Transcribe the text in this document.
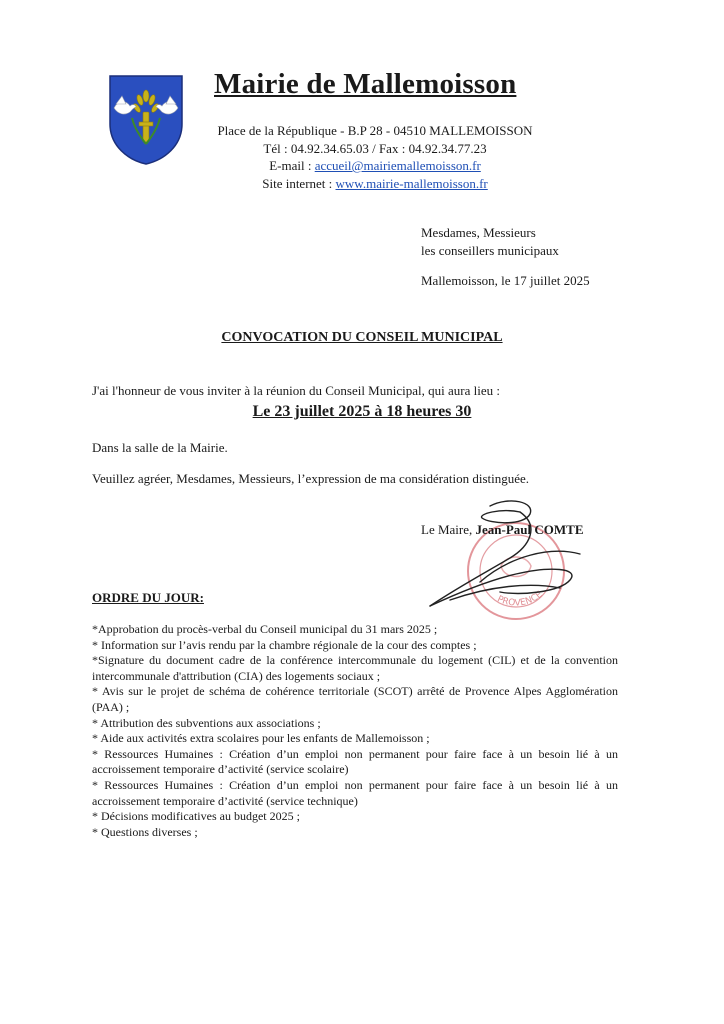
Mairie de Mallemoisson
Place de la République - B.P 28 - 04510 MALLEMOISSON
Tél : 04.92.34.65.03 / Fax : 04.92.34.77.23
E-mail : accueil@mairiemallemoisson.fr
Site internet : www.mairie-mallemoisson.fr
Mesdames, Messieurs
les conseillers municipaux
Mallemoisson, le 17 juillet 2025
CONVOCATION DU CONSEIL MUNICIPAL
J'ai l'honneur de vous inviter à la réunion du Conseil Municipal, qui aura lieu :
Le 23 juillet 2025 à 18 heures 30
Dans la salle de la Mairie.
Veuillez agréer, Mesdames, Messieurs, l’expression de ma considération distinguée.
PROVENCE
Le Maire, Jean-Paul COMTE
ORDRE DU JOUR:
*Approbation du procès-verbal du Conseil municipal du 31 mars 2025 ;
* Information sur l’avis rendu par la chambre régionale de la cour des comptes ;
*Signature du document cadre de la conférence intercommunale du logement (CIL) et de la convention intercommunale d'attribution (CIA) des logements sociaux ;
* Avis sur le projet de schéma de cohérence territoriale (SCOT) arrêté de Provence Alpes Agglomération (PAA) ;
* Attribution des subventions aux associations ;
* Aide aux activités extra scolaires pour les enfants de Mallemoisson ;
* Ressources Humaines : Création d’un emploi non permanent pour faire face à un besoin lié à un accroissement temporaire d’activité (service scolaire)
* Ressources Humaines : Création d’un emploi non permanent pour faire face à un besoin lié à un accroissement temporaire d’activité (service technique)
* Décisions modificatives au budget 2025 ;
* Questions diverses ;
